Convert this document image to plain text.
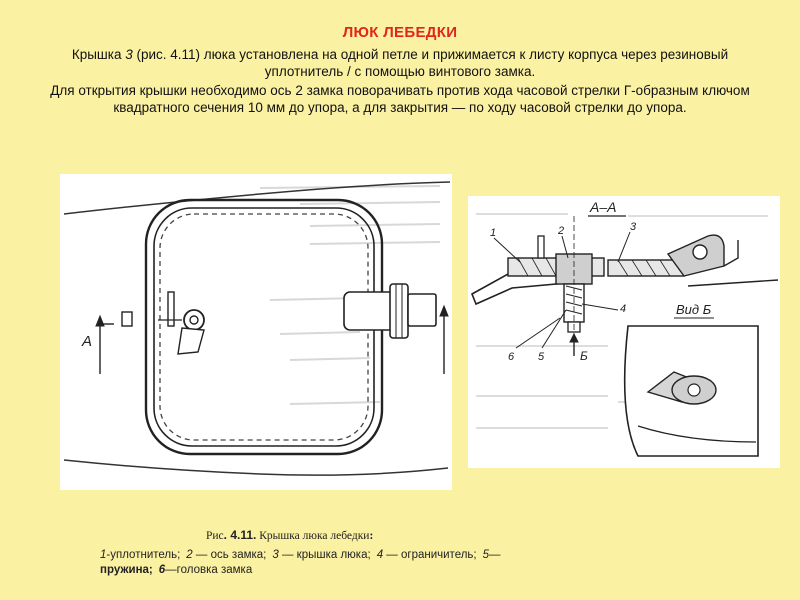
ЛЮК ЛЕБЕДКИ
Крышка 3 (рис. 4.11) люка установлена на одной петле и прижимается к листу корпуса через резиновый уплотнитель / с помощью винтового замка.
Для открытия крышки необходимо ось 2 замка поворачивать против хода часовой стрелки Г-образным ключом квадратного сечения 10 мм до упора, а для закрытия — по ходу часовой стрелки до упора.
A
А–А
1	2	3
4
5
6	Б
Вид Б
Рис. 4.11. Крышка люка лебедки:
1-уплотнитель; 2 — ось замка; 3 — крышка люка; 4 — ограничитель; 5—
пружина; 6—головка замка
